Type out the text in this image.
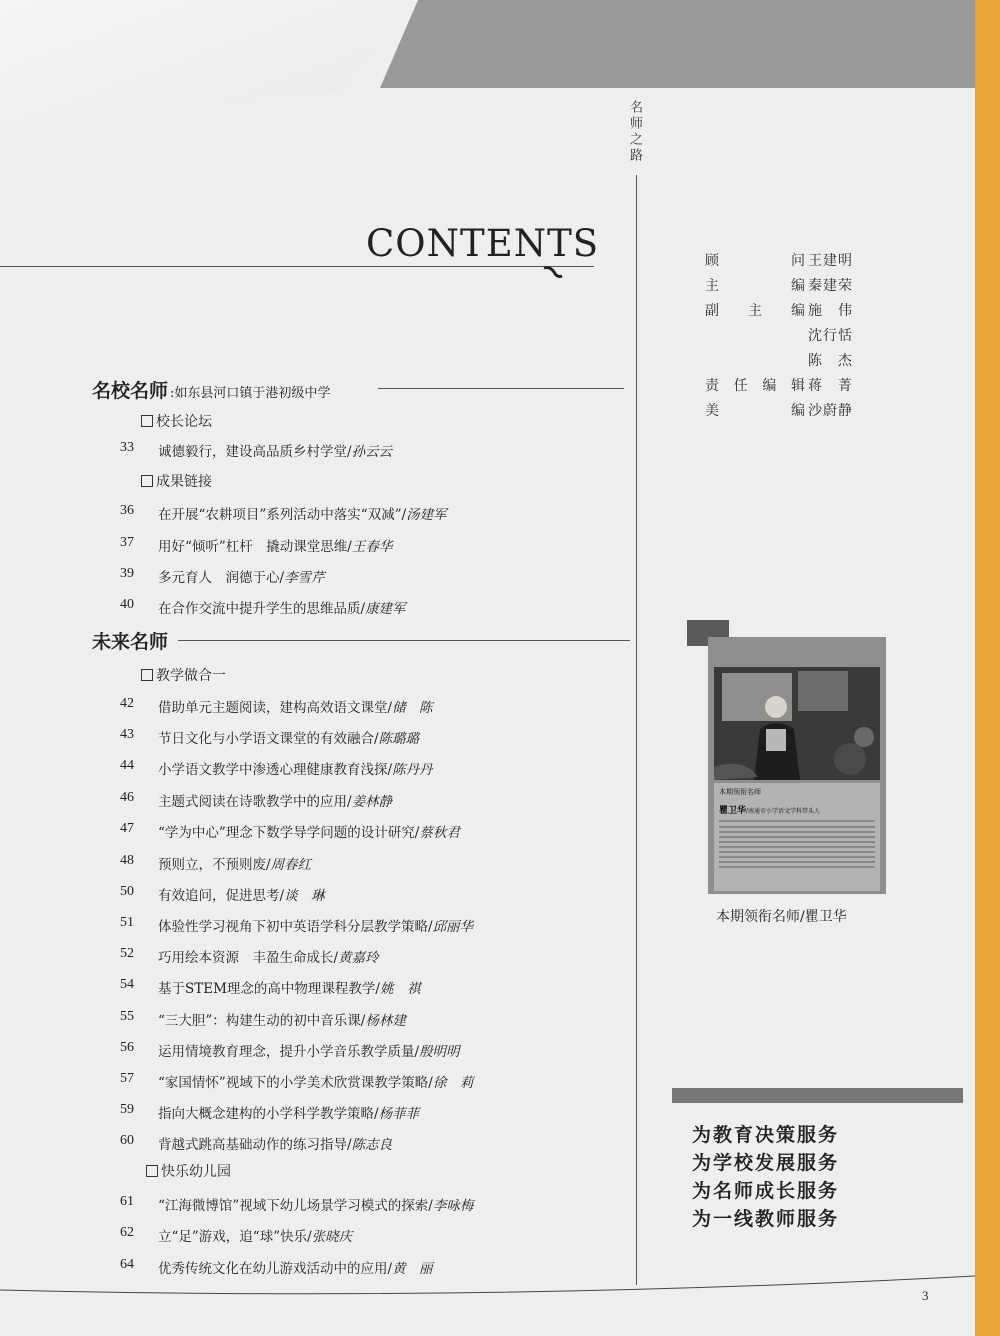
名师之路
CONTENTS	顾	问 王建明
主	编 秦建荣
副 主 编 施　伟
沈行恬
陈　杰
责 任 编 辑 蒋　菁
美	编 沙蔚静
名校名师 :如东县河口镇于港初级中学
校长论坛
33	诚德毅行，建设高品质乡村学堂/ 孙云云
成果链接
36	在开展“农耕项目”系列活动中落实“双减”/ 汤建军
37	用好“倾听”杠杆　撬动课堂思维/ 王春华
39	多元育人　润德于心/ 李雪芹
40	在合作交流中提升学生的思维品质/ 康建军
未来名师
教学做合一
42	借助单元主题阅读，建构高效语文课堂/ 储　陈
43	节日文化与小学语文课堂的有效融合/ 陈璐璐
44	小学语文教学中渗透心理健康教育浅探/ 陈丹丹
46	主题式阅读在诗歌教学中的应用/ 姜林静
47	“学为中心”理念下数学导学问题的设计研究/ 蔡秋君
48	预则立，不预则废/ 周春红
50	有效追问，促进思考/ 谈　琳
51	体验性学习视角下初中英语学科分层教学策略/ 邱丽华
52	巧用绘本资源　丰盈生命成长/ 黄嘉玲
54	基于STEM理念的高中物理课程教学/ 姚　祺
55	“三大胆”：构建生动的初中音乐课/ 杨林建
56	运用情境教育理念，提升小学音乐教学质量/ 殷明明
57	“家国情怀”视域下的小学美术欣赏课教学策略/ 徐　莉
59	指向大概念建构的小学科学教学策略/ 杨菲菲
60	背越式跳高基础动作的练习指导/ 陈志良
快乐幼儿园
61	“江海微博馆”视域下幼儿场景学习模式的探索/ 李咏梅
62	立“足”游戏，追“球”快乐/ 张晓庆
64	优秀传统文化在幼儿游戏活动中的应用/ 黄　丽
本期领衔名师
瞿卫华/南通市小学语文学科带头人
本期领衔名师/瞿卫华
为教育决策服务
为学校发展服务
为名师成长服务
为一线教师服务
3
